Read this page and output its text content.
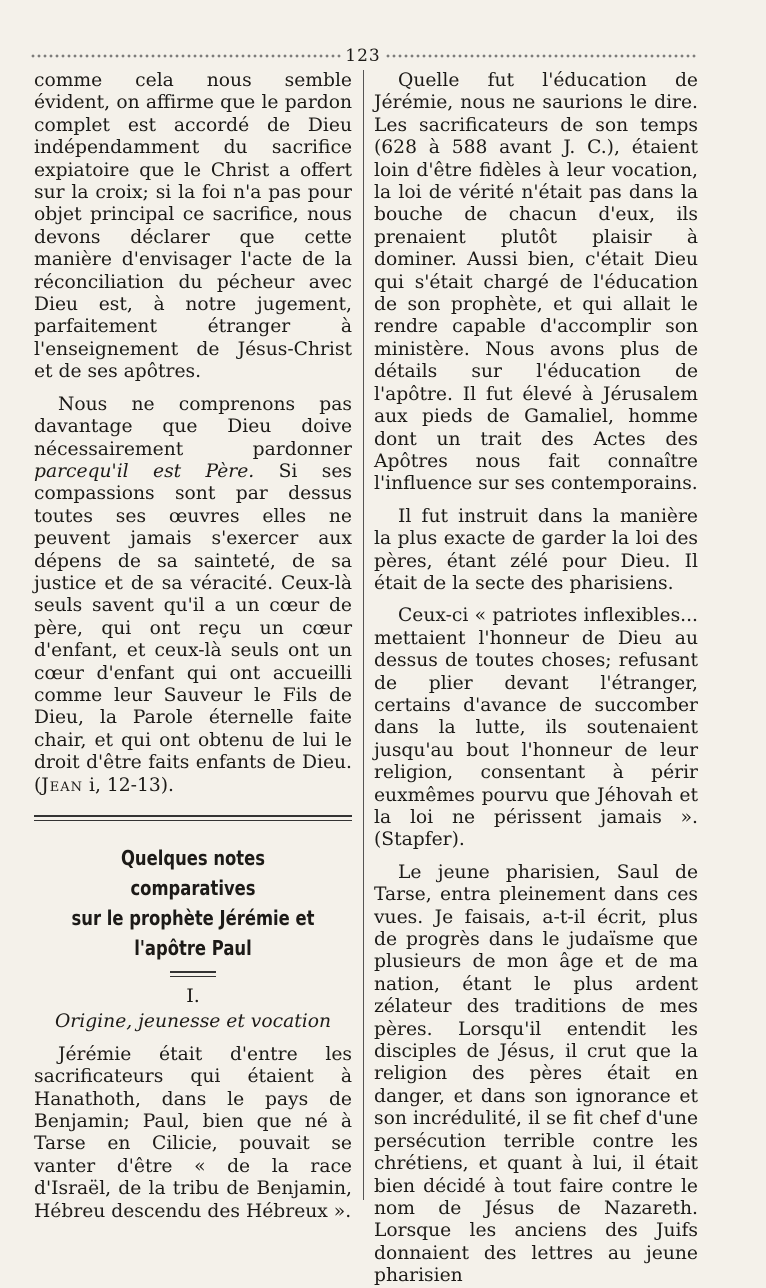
123

comme cela nous semble évident, on affirme que le pardon complet est accordé de Dieu indépendamment du sacrifice expiatoire que le Christ a offert sur la croix; si la foi n'a pas pour objet principal ce sacrifice, nous devons déclarer que cette manière d'envisager l'acte de la réconciliation du pécheur avec Dieu est, à notre jugement, parfaitement étranger à l'enseignement de Jésus-Christ et de ses apôtres.

Nous ne comprenons pas davantage que Dieu doive nécessairement pardonner parcequ'il est Père. Si ses compassions sont par dessus toutes ses œuvres elles ne peuvent jamais s'exercer aux dépens de sa sainteté, de sa justice et de sa véracité. Ceux-là seuls savent qu'il a un cœur de père, qui ont reçu un cœur d'enfant, et ceux-là seuls ont un cœur d'enfant qui ont accueilli comme leur Sauveur le Fils de Dieu, la Parole éternelle faite chair, et qui ont obtenu de lui le droit d'être faits enfants de Dieu. (Jean i, 12-13).

Quelques notes comparatives
sur le prophète Jérémie et l'apôtre Paul
I.
Origine, jeunesse et vocation

Jérémie était d'entre les sacrificateurs qui étaient à Hanathoth, dans le pays de Benjamin; Paul, bien que né à Tarse en Cilicie, pouvait se vanter d'être « de la race d'Israël, de la tribu de Benjamin, Hébreu descendu des Hébreux ».

Quelle fut l'éducation de Jérémie, nous ne saurions le dire. Les sacrificateurs de son temps (628 à 588 avant J. C.), étaient loin d'être fidèles à leur vocation, la loi de vérité n'était pas dans la bouche de chacun d'eux, ils prenaient plutôt plaisir à dominer. Aussi bien, c'était Dieu qui s'était chargé de l'éducation de son prophète, et qui allait le rendre capable d'accomplir son ministère. Nous avons plus de détails sur l'éducation de l'apôtre. Il fut élevé à Jérusalem aux pieds de Gamaliel, homme dont un trait des Actes des Apôtres nous fait connaître l'influence sur ses contemporains.

Il fut instruit dans la manière la plus exacte de garder la loi des pères, étant zélé pour Dieu. Il était de la secte des pharisiens.

Ceux-ci « patriotes inflexibles... mettaient l'honneur de Dieu au dessus de toutes choses; refusant de plier devant l'étranger, certains d'avance de succomber dans la lutte, ils soutenaient jusqu'au bout l'honneur de leur religion, consentant à périr euxmêmes pourvu que Jéhovah et la loi ne périssent jamais ». (Stapfer).

Le jeune pharisien, Saul de Tarse, entra pleinement dans ces vues. Je faisais, a-t-il écrit, plus de progrès dans le judaïsme que plusieurs de mon âge et de ma nation, étant le plus ardent zélateur des traditions de mes pères. Lorsqu'il entendit les disciples de Jésus, il crut que la religion des pères était en danger, et dans son ignorance et son incrédulité, il se fit chef d'une persécution terrible contre les chrétiens, et quant à lui, il était bien décidé à tout faire contre le nom de Jésus de Nazareth. Lorsque les anciens des Juifs donnaient des lettres au jeune pharisien
